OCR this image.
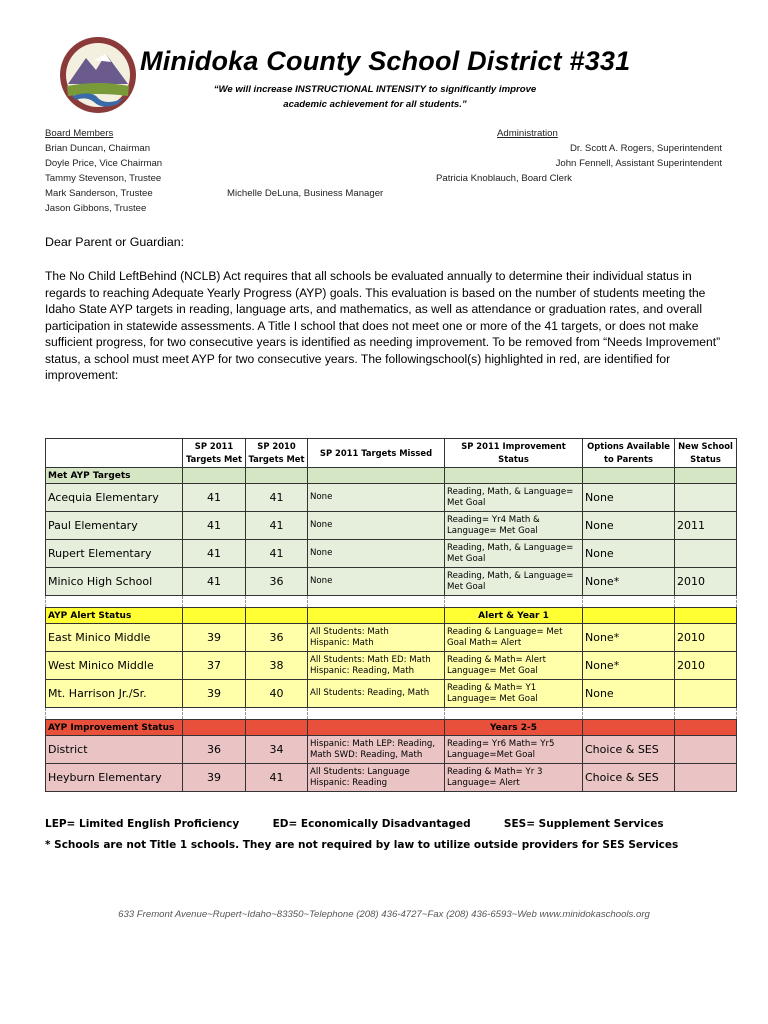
Minidoka County School District #331
“We will increase INSTRUCTIONAL INTENSITY to significantly improve
academic achievement for all students.”
Board Members
Brian Duncan, Chairman
Doyle Price, Vice Chairman
Tammy Stevenson, Trustee
Mark Sanderson, Trustee
Jason Gibbons, Trustee
Michelle DeLuna, Business Manager
Administration
Dr. Scott A. Rogers, Superintendent
John Fennell, Assistant Superintendent
Patricia Knoblauch, Board Clerk
Dear Parent or Guardian:
The No Child LeftBehind (NCLB) Act requires that all schools be evaluated annually to determine their individual status in regards to reaching Adequate Yearly Progress (AYP) goals. This evaluation is based on the number of students meeting the Idaho State AYP targets in reading, language arts, and mathematics, as well as attendance or graduation rates, and overall participation in statewide assessments. A Title I school that does not meet one or more of the 41 targets, or does not make sufficient progress, for two consecutive years is identified as needing improvement. To be removed from “Needs Improvement” status, a school must meet AYP for two consecutive years. The followingschool(s) highlighted in red, are identified for improvement:
	SP 2011 Targets Met	SP 2010 Targets Met	SP 2011 Targets Missed	SP 2011 Improvement Status	Options Available to Parents	New School Status
Met AYP Targets						
Acequia Elementary	41	41	None	Reading, Math, & Language= Met Goal	None	
Paul Elementary	41	41	None	Reading= Yr4 Math & Language= Met Goal	None	2011
Rupert Elementary	41	41	None	Reading, Math, & Language= Met Goal	None	
Minico High School	41	36	None	Reading, Math, & Language= Met Goal	None*	2010

AYP Alert Status				Alert & Year 1		
East Minico Middle	39	36	All Students: Math
Hispanic: Math	Reading & Language= Met Goal Math= Alert	None*	2010
West Minico Middle	37	38	All Students: Math ED: Math
Hispanic: Reading, Math	Reading & Math= Alert
Language= Met Goal	None*	2010
Mt. Harrison Jr./Sr.	39	40	All Students: Reading, Math	Reading & Math= Y1
Language= Met Goal	None	

AYP Improvement Status				Years 2-5		
District	36	34	Hispanic: Math LEP: Reading, Math SWD: Reading, Math	Reading= Yr6 Math= Yr5
Language=Met Goal	Choice & SES	
Heyburn Elementary	39	41	All Students: Language
Hispanic: Reading	Reading & Math= Yr 3
Language= Alert	Choice & SES	
LEP= Limited English Proficiency	ED= Economically Disadvantaged	SES= Supplement Services
* Schools are not Title 1 schools. They are not required by law to utilize outside providers for SES Services
633 Fremont Avenue~Rupert~Idaho~83350~Telephone (208) 436-4727~Fax (208) 436-6593~Web www.minidokaschools.org
